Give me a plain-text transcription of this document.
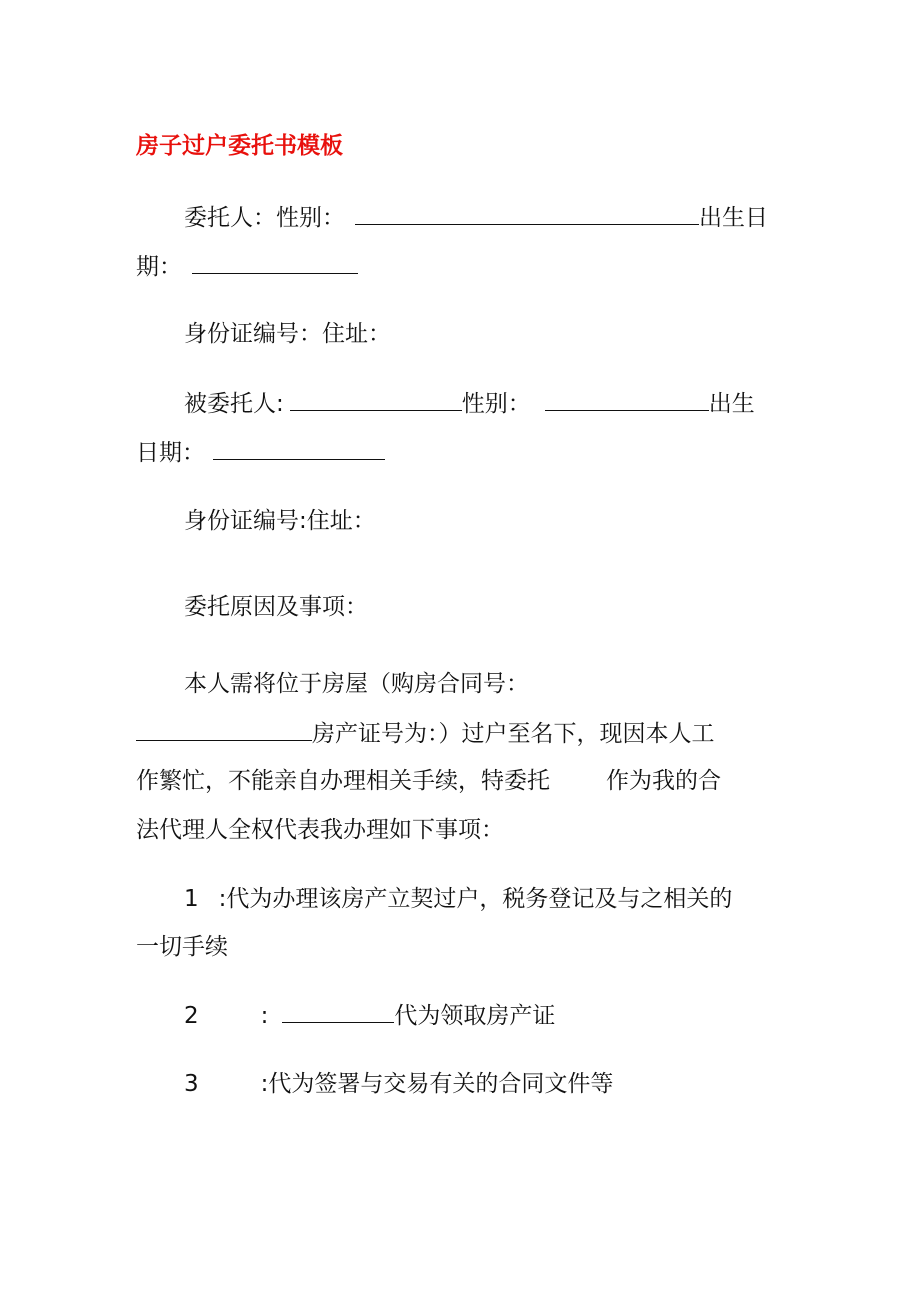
房子过户委托书模板
委托人：性别：	出生日
期：
身份证编号：住址：
被委托人:	性别：	出生
日期：
身份证编号:住址：
委托原因及事项：
本人需将位于房屋（购房合同号：
房产证号为：）过户至名下，现因本人工
作繁忙，不能亲自办理相关手续，特委托 作为我的合
法代理人全权代表我办理如下事项：
1 :代为办理该房产立契过户，税务登记及与之相关的
一切手续
2	:	代为领取房产证
3	:代为签署与交易有关的合同文件等
